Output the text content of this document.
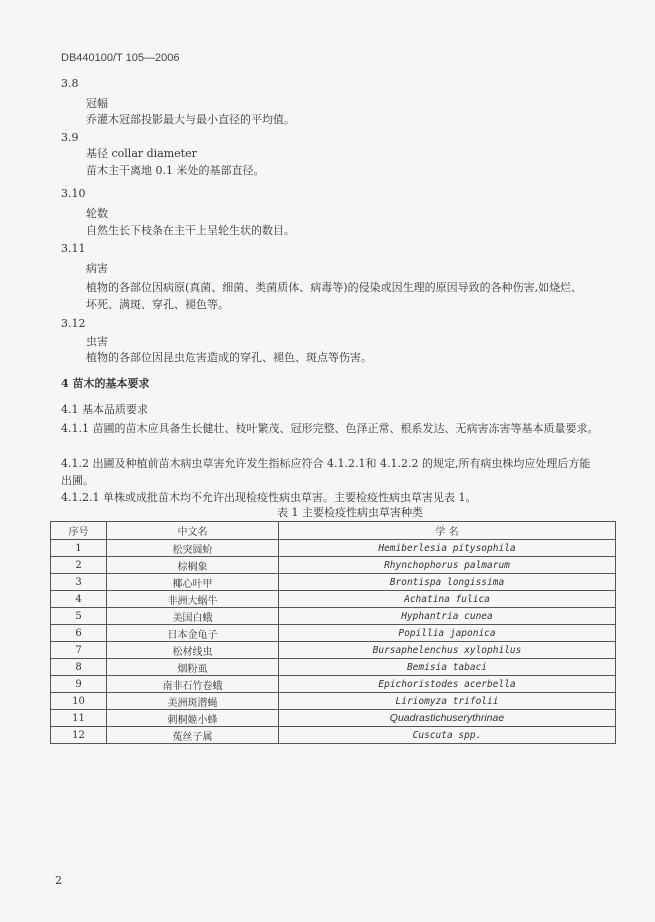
DB440100/T 105—2006
3.8
冠幅
乔灌木冠部投影最大与最小直径的平均值。
3.9
基径 collar diameter
苗木主干离地 0.1 米处的基部直径。
3.10
轮数
自然生长下枝条在主干上呈轮生状的数目。
3.11
病害
植物的各部位因病原(真菌、细菌、类菌质体、病毒等)的侵染或因生理的原因导致的各种伤害,如烧烂、坏死、满斑、穿孔、褪色等。
3.12
虫害
植物的各部位因昆虫危害造成的穿孔、褪色、斑点等伤害。
4 苗木的基本要求
4.1 基本品质要求
4.1.1 苗圃的苗木应具备生长健壮、枝叶繁茂、冠形完整、色泽正常、根系发达、无病害冻害等基本质量要求。
4.1.2 出圃及种植前苗木病虫草害允许发生指标应符合 4.1.2.1和 4.1.2.2 的规定,所有病虫株均应处理后方能出圃。
4.1.2.1 单株或成批苗木均不允许出现检疫性病虫草害。主要检疫性病虫草害见表 1。
表 1 主要检疫性病虫草害种类
序号	中文名	学 名
1	松突圆蚧	Hemiberlesia pitysophila
2	棕榈象	Rhynchophorus palmarum
3	椰心叶甲	Brontispa longissima
4	非洲大蜗牛	Achatina fulica
5	美国白蛾	Hyphantria cunea
6	日本金龟子	Popillia japonica
7	松材线虫	Bursaphelenchus xylophilus
8	烟粉虱	Bemisia tabaci
9	南非石竹卷蛾	Epichoristodes acerbella
10	美洲斑潜蝇	Liriomyza trifolii
11	刺桐姬小蜂	Quadrastichuserythrinae
12	菟丝子属	Cuscuta spp.
2
